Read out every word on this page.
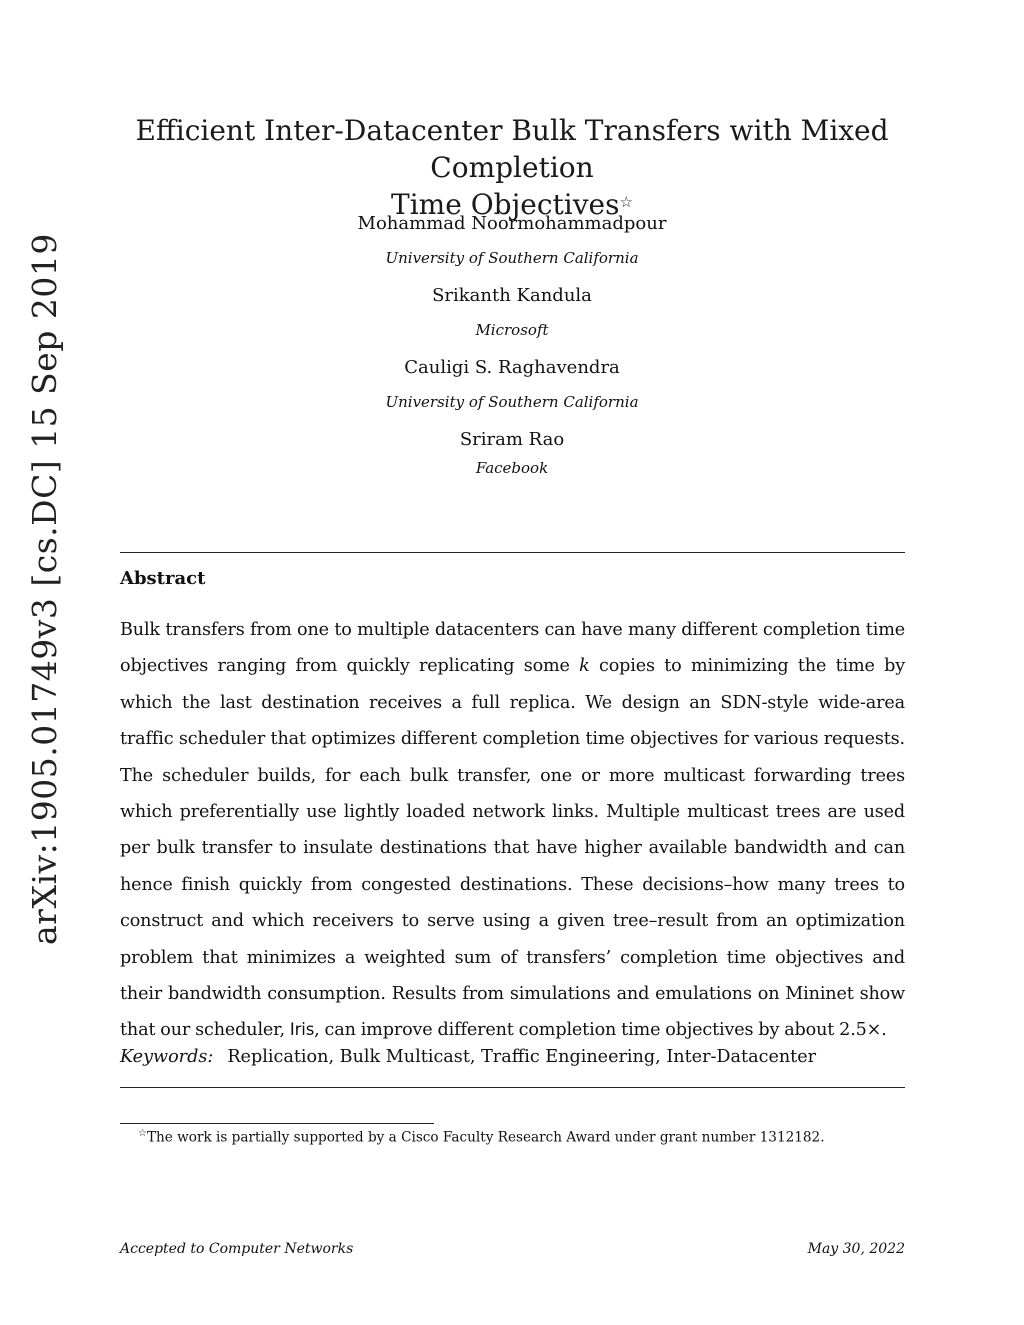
arXiv:1905.01749v3 [cs.DC] 15 Sep 2019
Efficient Inter-Datacenter Bulk Transfers with Mixed Completion
Time Objectives☆
Mohammad Noormohammadpour
University of Southern California
Srikanth Kandula
Microsoft
Cauligi S. Raghavendra
University of Southern California
Sriram Rao
Facebook
Abstract
Bulk transfers from one to multiple datacenters can have many different completion time objectives ranging from quickly replicating some k copies to minimizing the time by which the last destination receives a full replica. We design an SDN-style wide-area traffic scheduler that optimizes different completion time objectives for various requests. The scheduler builds, for each bulk transfer, one or more multicast forwarding trees which preferentially use lightly loaded network links. Multiple multicast trees are used per bulk transfer to insulate destinations that have higher available bandwidth and can hence finish quickly from congested destinations. These decisions–how many trees to construct and which receivers to serve using a given tree–result from an optimization problem that minimizes a weighted sum of transfers’ completion time objectives and their bandwidth consumption. Results from simulations and emulations on Mininet show that our scheduler, Iris, can improve different completion time objectives by about 2.5×.
Keywords: Replication, Bulk Multicast, Traffic Engineering, Inter-Datacenter
☆The work is partially supported by a Cisco Faculty Research Award under grant number 1312182.
Accepted to Computer Networks	May 30, 2022
